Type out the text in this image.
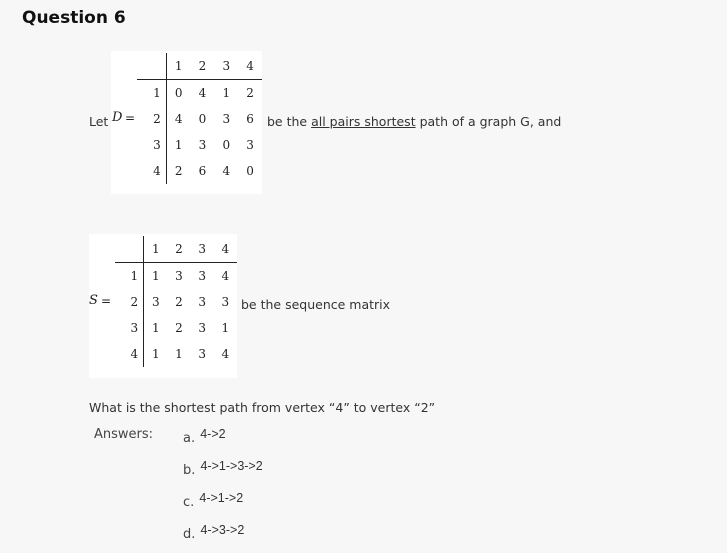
Question 6
Let
	1	2	3	4
1	0	4	1	2
2	4	0	3	6
3	1	3	0	3
4	2	6	4	0
D =	be the all pairs shortest path of a graph G, and
	1	2	3	4
1	1	3	3	4
2	3	2	3	3
3	1	2	3	1
4	1	1	3	4
S =	be the sequence matrix
What is the shortest path from vertex “4” to vertex “2”
Answers: a. $^{4->2}$
b. $^{4->1->3->2}$
c. $^{4->1->2}$
d. $^{4->3->2}$
